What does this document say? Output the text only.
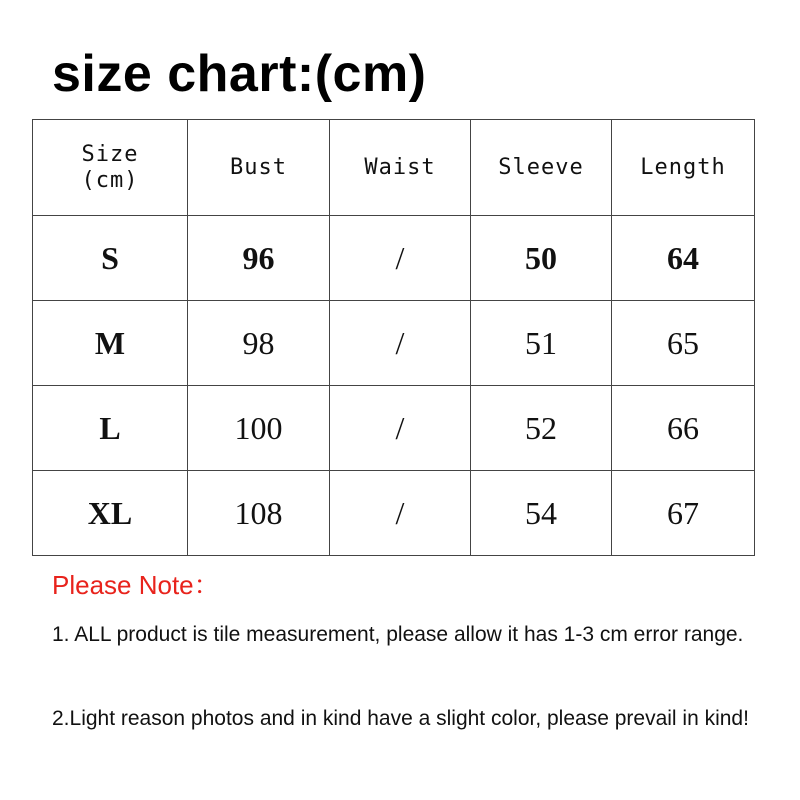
size chart:(cm)
Size
(cm)	Bust	Waist	Sleeve	Length
S	96	/	50	64
M	98	/	51	65
L	100	/	52	66
XL	108	/	54	67
Please Note：
1. ALL product is tile measurement, please allow it has 1-3 cm error range.
2.Light reason photos and in kind have a slight color, please prevail in kind!
